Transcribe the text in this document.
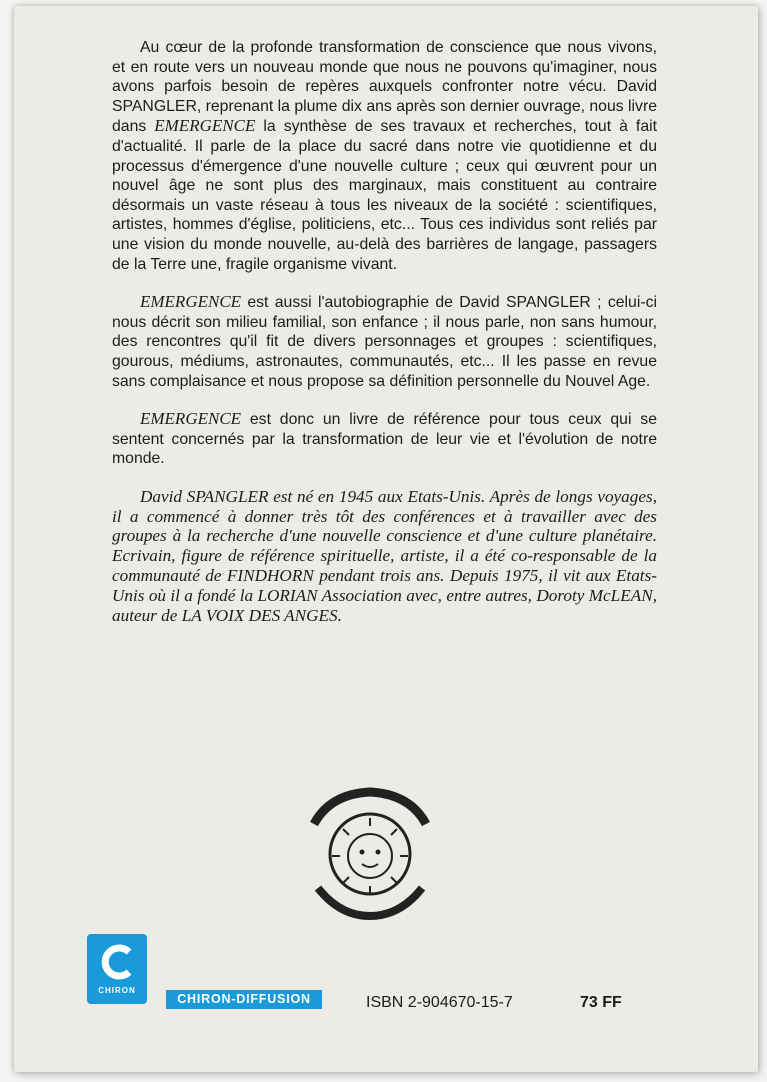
Au cœur de la profonde transformation de conscience que nous vivons, et en route vers un nouveau monde que nous ne pouvons qu'imaginer, nous avons parfois besoin de repères auxquels confronter notre vécu. David SPANGLER, reprenant la plume dix ans après son dernier ouvrage, nous livre dans EMERGENCE la synthèse de ses travaux et recherches, tout à fait d'actualité. Il parle de la place du sacré dans notre vie quotidienne et du processus d'émergence d'une nouvelle culture ; ceux qui œuvrent pour un nouvel âge ne sont plus des marginaux, mais constituent au contraire désormais un vaste réseau à tous les niveaux de la société : scientifiques, artistes, hommes d'église, politiciens, etc... Tous ces individus sont reliés par une vision du monde nouvelle, au-delà des barrières de langage, passagers de la Terre une, fragile organisme vivant.

EMERGENCE est aussi l'autobiographie de David SPANGLER ; celui-ci nous décrit son milieu familial, son enfance ; il nous parle, non sans humour, des rencontres qu'il fit de divers personnages et groupes : scientifiques, gourous, médiums, astronautes, communautés, etc... Il les passe en revue sans complaisance et nous propose sa définition personnelle du Nouvel Age.

EMERGENCE est donc un livre de référence pour tous ceux qui se sentent concernés par la transformation de leur vie et l'évolution de notre monde.

David SPANGLER est né en 1945 aux Etats-Unis. Après de longs voyages, il a commencé à donner très tôt des conférences et à travailler avec des groupes à la recherche d'une nouvelle conscience et d'une culture planétaire. Ecrivain, figure de référence spirituelle, artiste, il a été co-responsable de la communauté de FINDHORN pendant trois ans. Depuis 1975, il vit aux Etats-Unis où il a fondé la LORIAN Association avec, entre autres, Doroty McLEAN, auteur de LA VOIX DES ANGES.

CHIRON
CHIRON-DIFFUSION	ISBN 2-904670-15-7	73 FF
